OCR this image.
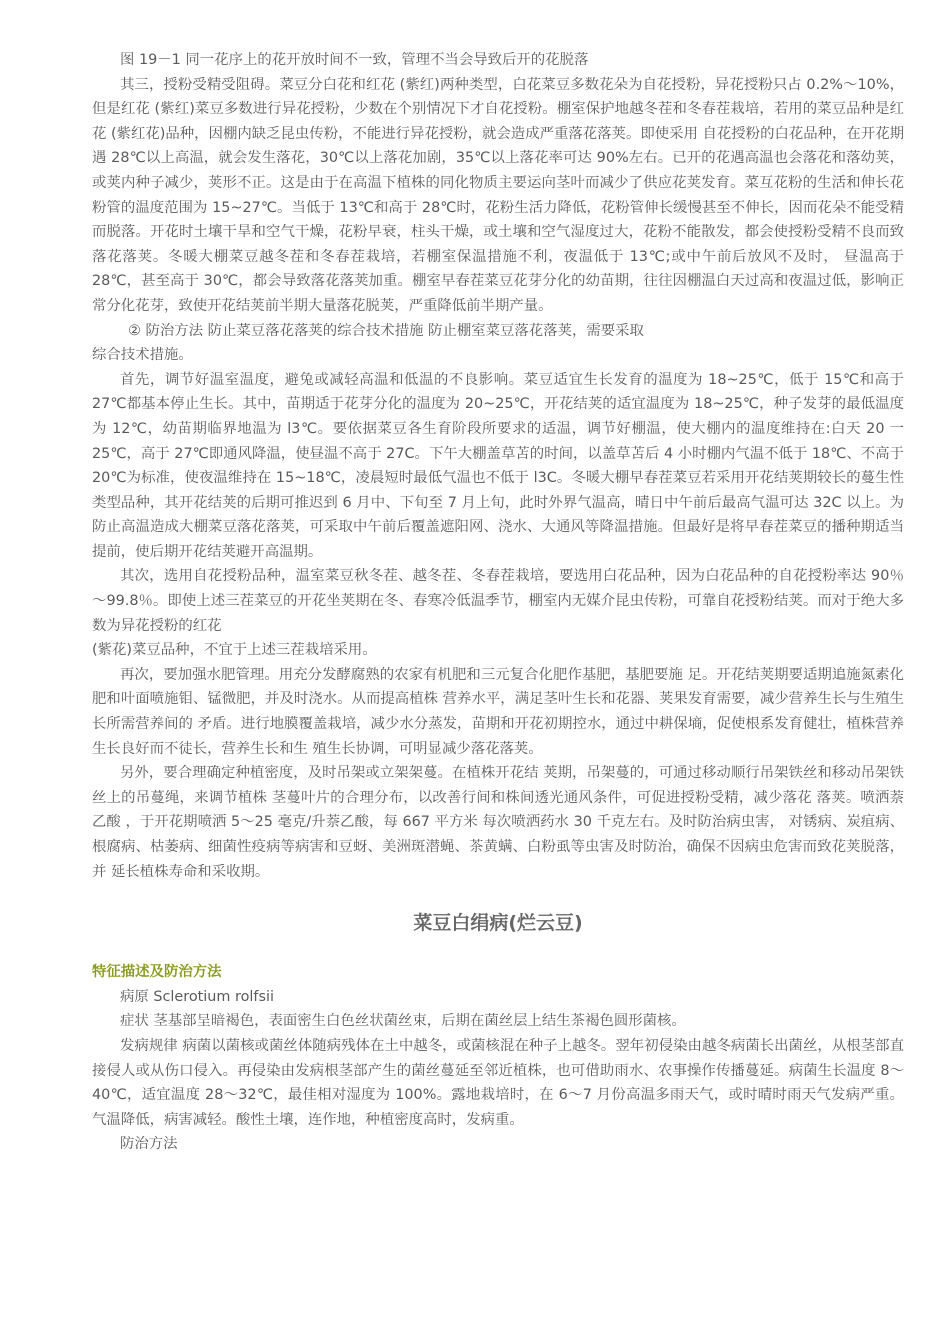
图 19－1 同一花序上的花开放时间不一致，管理不当会导致后开的花脱落

其三，授粉受精受阻碍。菜豆分白花和红花 (紫红)两种类型，白花菜豆多数花朵为自花授粉，异花授粉只占 0.2%～10%，但是红花 (紫红)菜豆多数进行异花授粉，少数在个别情况下才自花授粉。棚室保护地越冬茬和冬春茬栽培，若用的菜豆品种是红花 (紫红花)品种，因棚内缺乏昆虫传粉，不能进行异花授粉，就会造成严重落花落荚。即使采用 自花授粉的白花品种，在开花期遇 28℃以上高温，就会发生落花，30℃以上落花加剧，35℃以上落花率可达 90%左右。已开的花遇高温也会落花和落幼荚，或荚内种子减少，荚形不正。这是由于在高温下植株的同化物质主要运向茎叶而减少了供应花荚发育。菜互花粉的生活和伸长花粉管的温度范围为 15~27℃。当低于 13℃和高于 28℃时，花粉生活力降低，花粉管伸长缓慢甚至不伸长，因而花朵不能受精而脱落。开花时土壤干旱和空气干燥，花粉早衰，柱头干燥，或土壤和空气湿度过大，花粉不能散发，都会使授粉受精不良而致落花落荚。冬暖大棚菜豆越冬茬和冬春茬栽培，若棚室保温措施不利，夜温低于 13℃;或中午前后放风不及时， 昼温高于 28℃，甚至高于 30℃，都会导致落花落荚加重。棚室早春茬菜豆花芽分化的幼苗期，往往因棚温白天过高和夜温过低，影响正常分化花芽，致使开花结荚前半期大量落花脱荚，严重降低前半期产量。

② 防治方法 防止菜豆落花落荚的综合技术措施 防止棚室菜豆落花落荚，需要采取

综合技术措施。

首先，调节好温室温度，避兔或减轻高温和低温的不良影响。菜豆适宜生长发育的温度为 18~25℃，低于 15℃和高于 27℃都基本停止生长。其中，苗期适于花芽分化的温度为 20~25℃，开花结荚的适宜温度为 18~25℃，种子发芽的最低温度为 12℃，幼苗期临界地温为 l3℃。要依据菜豆各生育阶段所要求的适温，调节好棚温，使大棚内的温度维持在:白天 20 一 25℃，高于 27℃即通风降温，使昼温不高于 27C。下午大棚盖草苫的时间，以盖草苫后 4 小时棚内气温不低于 18℃、不高于 20℃为标准，使夜温维持在 15~18℃，凌晨短时最低气温也不低于 l3C。冬暖大棚早春茬菜豆若采用开花结荚期较长的蔓生性类型品种，其开花结荚的后期可推迟到 6 月中、下旬至 7 月上旬，此时外界气温高，晴日中午前后最高气温可达 32C 以上。为防止高温造成大棚菜豆落花落荚，可采取中午前后覆盖遮阳网、浇水、大通风等降温措施。但最好是将早春茬菜豆的播种期适当提前，使后期开花结荚避开高温期。

其次，选用自花授粉品种，温室菜豆秋冬茬、越冬茬、冬春茬栽培，要选用白花品种，因为白花品种的自花授粉率达 90％～99.8％。即使上述三茬菜豆的开花坐荚期在冬、春寒冷低温季节，棚室内无媒介昆虫传粉，可靠自花授粉结荚。而对于绝大多数为异花授粉的红花

(紫花)菜豆品种，不宜于上述三茬栽培采用。

再次，要加强水肥管理。用充分发酵腐熟的农家有机肥和三元复合化肥作基肥，基肥要施 足。开花结荚期要适期追施氮素化肥和叶面喷施钼、锰微肥，并及时浇水。从而提高植株 营养水平，满足茎叶生长和花器、荚果发育需要，减少营养生长与生殖生长所需营养间的 矛盾。进行地膜覆盖栽培，减少水分蒸发，苗期和开花初期控水，通过中耕保墒，促使根系发育健壮，植株营养生长良好而不徒长，营养生长和生 殖生长协调，可明显减少落花落荚。

另外，要合理确定种植密度，及时吊架或立架架蔓。在植株开花结 荚期，吊架蔓的，可通过移动顺行吊架铁丝和移动吊架铁丝上的吊蔓绳，来调节植株 茎蔓叶片的合理分布，以改善行间和株间透光通风条件，可促进授粉受精，减少落花 落荚。喷洒萘乙酸 ，于开花期喷洒 5～25 毫克/升萘乙酸，每 667 平方米 每次喷洒药水 30 千克左右。及时防治病虫害， 对锈病、炭疽病、根腐病、枯萎病、细菌性疫病等病害和豆蚜、美洲斑潜蝇、茶黄螨、白粉虱等虫害及时防治，确保不因病虫危害而致花荚脱落，并 延长植株寿命和采收期。

菜豆白绢病(烂云豆)
特征描述及防治方法

病原 Sclerotium rolfsii

症状 茎基部呈暗褐色，表面密生白色丝状菌丝束，后期在菌丝层上结生茶褐色圆形菌核。

发病规律 病菌以菌核或菌丝体随病残体在土中越冬，或菌核混在种子上越冬。翌年初侵染由越冬病菌长出菌丝，从根茎部直接侵人或从伤口侵入。再侵染由发病根茎部产生的菌丝蔓延至邻近植株，也可借助雨水、农事操作传播蔓延。病菌生长温度 8～40℃，适宜温度 28～32℃，最佳相对湿度为 100%。露地栽培时，在 6～7 月份高温多雨天气，或时晴时雨天气发病严重。气温降低，病害减轻。酸性土壤，连作地，种植密度高时，发病重。

防治方法
